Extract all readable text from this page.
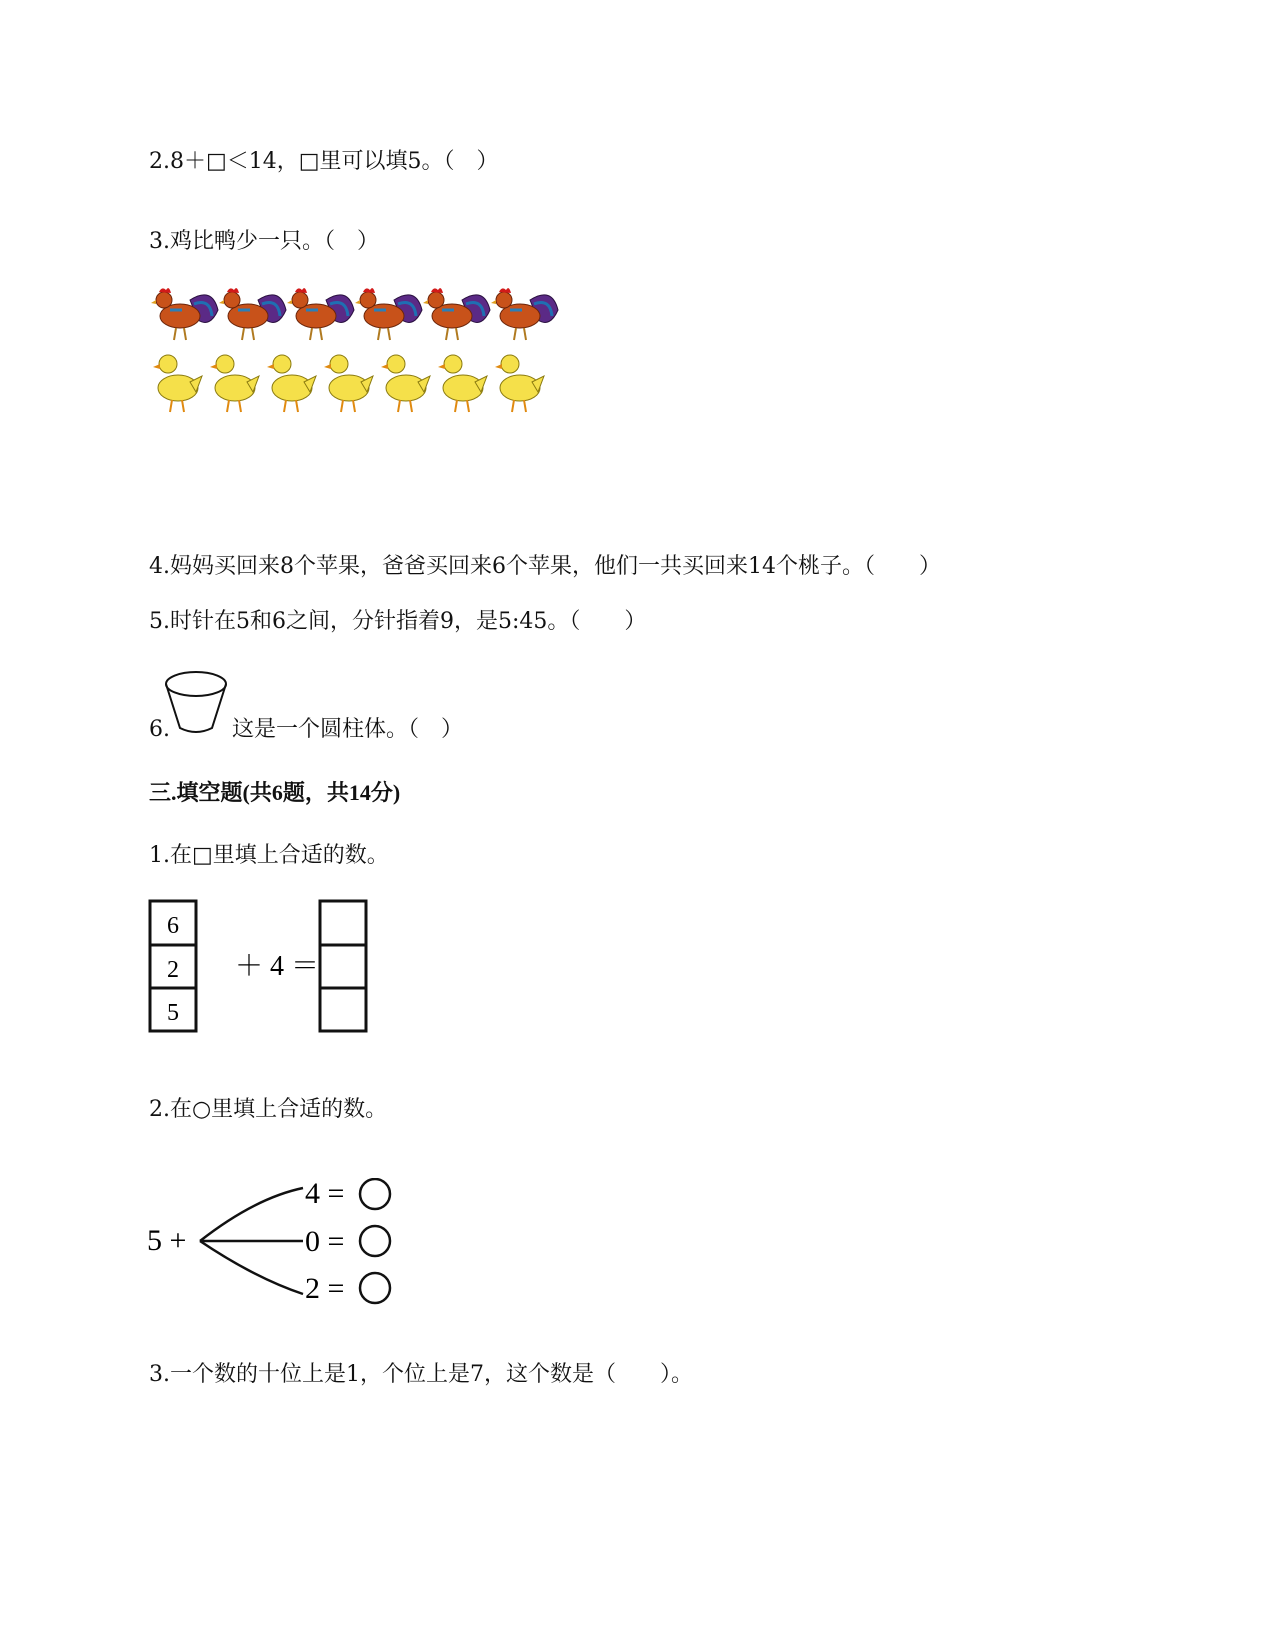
2.8＋□＜14，□里可以填5。（　）
3.鸡比鸭少一只。（　）
4.妈妈买回来8个苹果，爸爸买回来6个苹果，他们一共买回来14个桃子。（　　）
5.时针在5和6之间，分针指着9，是5:45。（　　）
6.	这是一个圆柱体。（　）
三.填空题(共6题，共14分)
1.在□里填上合适的数。
6
2
5
＋ 4 ＝
2.在○里填上合适的数。
5 +
4 =
0 =
2 =
3.一个数的十位上是1，个位上是7，这个数是（　　）。
